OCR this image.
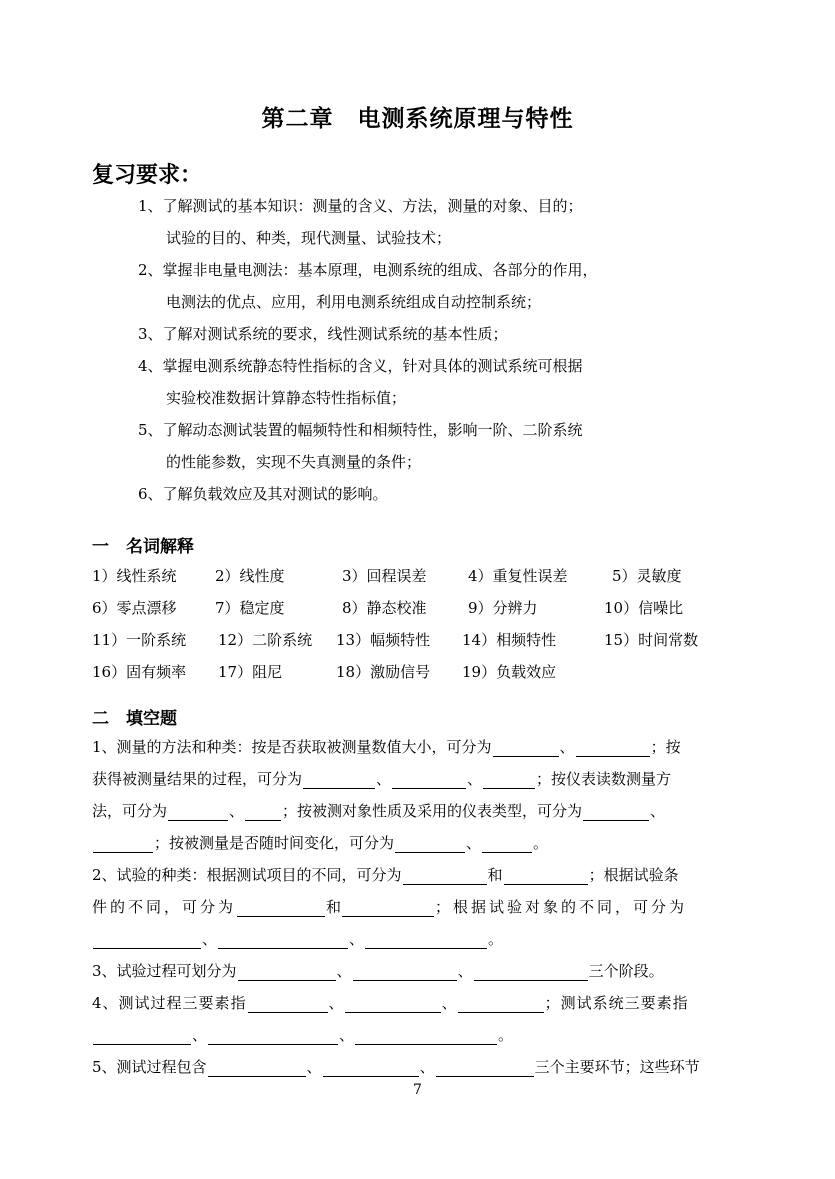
第二章　电测系统原理与特性
复习要求：
1、了解测试的基本知识：测量的含义、方法，测量的对象、目的；
试验的目的、种类，现代测量、试验技术；
2、掌握非电量电测法：基本原理，电测系统的组成、各部分的作用，
电测法的优点、应用，利用电测系统组成自动控制系统；
3、了解对测试系统的要求，线性测试系统的基本性质；
4、掌握电测系统静态特性指标的含义，针对具体的测试系统可根据
实验校准数据计算静态特性指标值；
5、了解动态测试装置的幅频特性和相频特性，影响一阶、二阶系统
的性能参数，实现不失真测量的条件；
6、了解负载效应及其对测试的影响。
一　名词解释
1）线性系统	2）线性度	3）回程误差	4）重复性误差	5）灵敏度
6）零点漂移	7）稳定度	8）静态校准	9）分辨力	10）信噪比
11）一阶系统 12）二阶系统 13）幅频特性 14）相频特性	15）时间常数
16）固有频率 17）阻尼	18）激励信号 19）负载效应
二　填空题
1、测量的方法和种类：按是否获取被测量数值大小，可分为	、	；按
获得被测量结果的过程，可分为	、	、	；按仪表读数测量方
法，可分为	、	；按被测对象性质及采用的仪表类型，可分为	、
；按被测量是否随时间变化，可分为	、	。
2、试验的种类：根据测试项目的不同，可分为	和	；根据试验条
件的不同，可分为	和	；根据试验对象的不同，可分为
、	、	。
3、试验过程可划分为	、	、	三个阶段。
4、测试过程三要素指	、	、	；测试系统三要素指
、	、	。
5、测试过程包含	、	、	三个主要环节；这些环节
7
